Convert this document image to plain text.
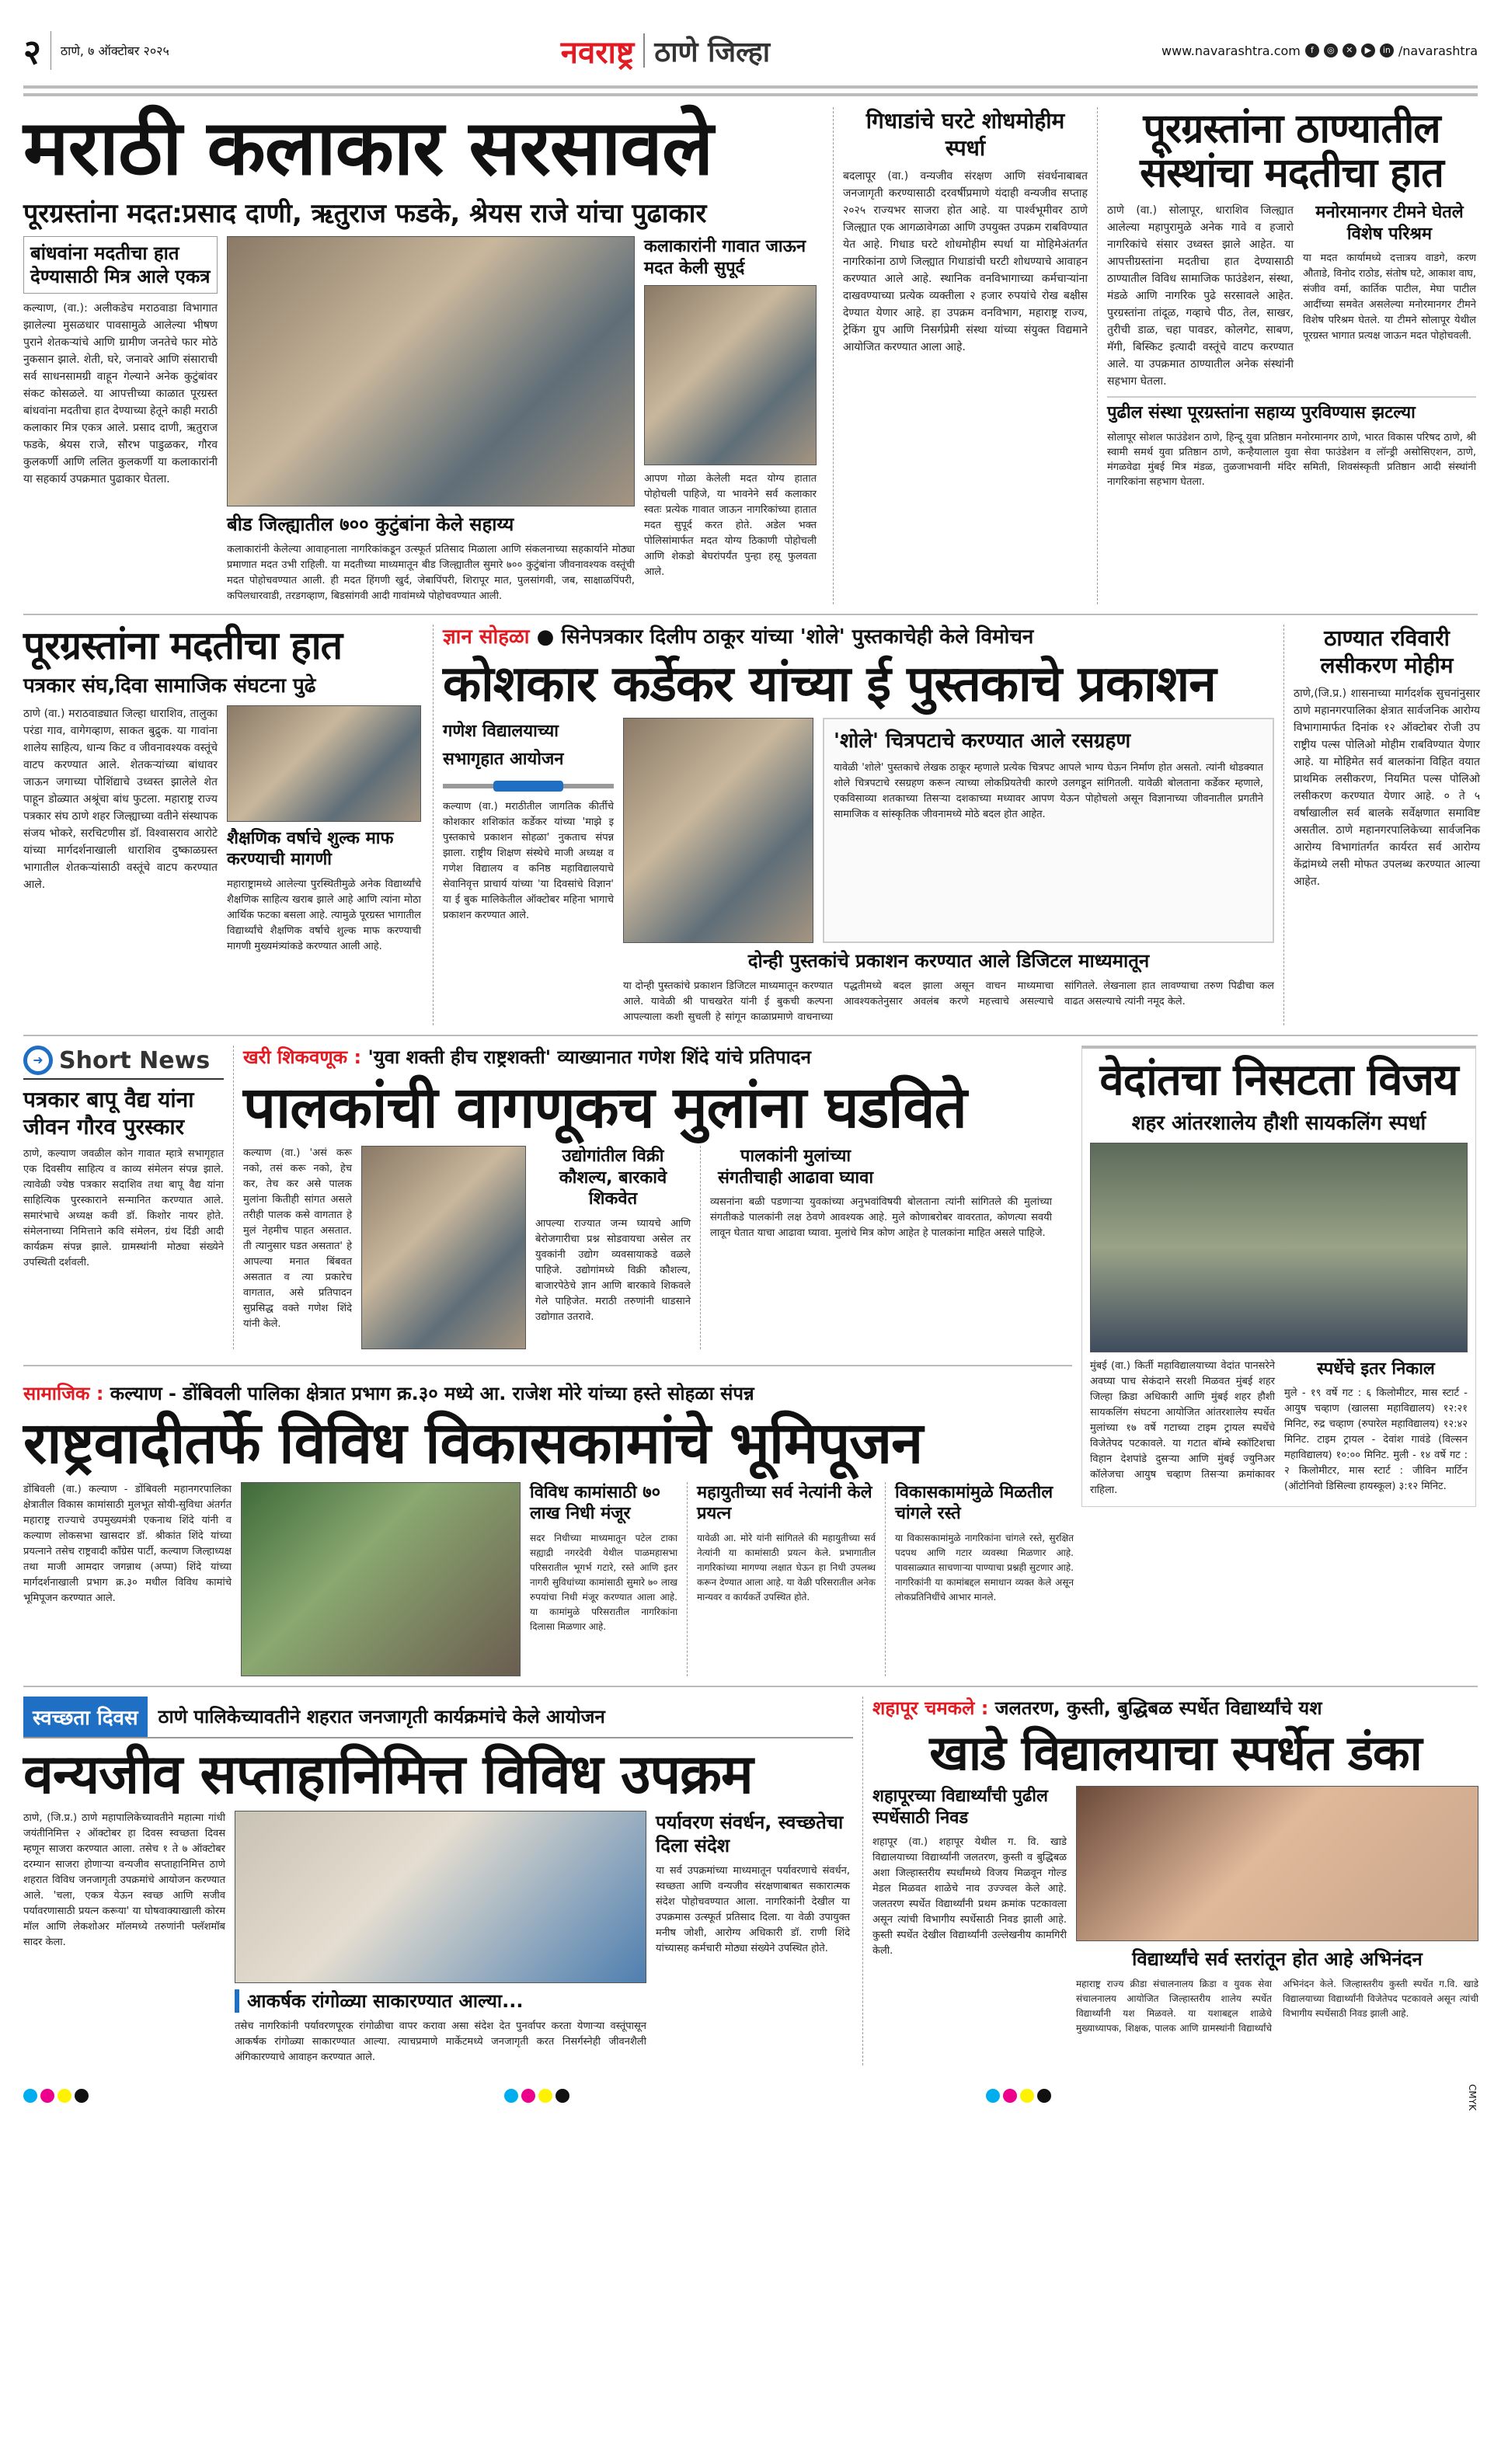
२ ठाणे, ७ ऑक्टोबर २०२५	नवराष्ट्र ठाणे जिल्हा	www.navarashtra.com	f	◎	✕	▶	in /navarashtra
मराठी कलाकार सरसावले
पूरग्रस्तांना मदत:प्रसाद दाणी, ऋतुराज फडके, श्रेयस राजे यांचा पुढाकार
बांधवांना मदतीचा हात देण्यासाठी मित्र आले एकत्र
कल्याण, (वा.): अलीकडेच मराठवाडा विभागात झालेल्या मुसळधार पावसामुळे आलेल्या भीषण पुराने शेतकऱ्यांचे आणि ग्रामीण जनतेचे फार मोठे नुकसान झाले. शेती, घरे, जनावरे आणि संसाराची सर्व साधनसामग्री वाहून गेल्याने अनेक कुटुंबांवर संकट कोसळले. या आपत्तीच्या काळात पूरग्रस्त बांधवांना मदतीचा हात देण्याच्या हेतूने काही मराठी कलाकार मित्र एकत्र आले. प्रसाद दाणी, ऋतुराज फडके, श्रेयस राजे, सौरभ पाडुळकर, गौरव कुलकर्णी आणि ललित कुलकर्णी या कलाकारांनी या सहकार्य उपक्रमात पुढाकार घेतला.
बीड जिल्ह्यातील ७०० कुटुंबांना केले सहाय्य
कलाकारांनी केलेल्या आवाहनाला नागरिकांकडून उत्स्फूर्त प्रतिसाद मिळाला आणि संकलनाच्या सहकार्याने मोठ्या प्रमाणात मदत उभी राहिली. या मदतीच्या माध्यमातून बीड जिल्ह्यातील सुमारे ७०० कुटुंबांना जीवनावश्यक वस्तूंची मदत पोहोचवण्यात आली. ही मदत हिंगणी खुर्द, जेबापिंपरी, शिरापूर मात, पुलसांगवी, जब, साक्षाळपिंपरी, कपिलधारवाडी, तरडगव्हाण, बिडसांगवी आदी गावांमध्ये पोहोचवण्यात आली.
कलाकारांनी गावात जाऊन मदत केली सुपूर्द
आपण गोळा केलेली मदत योग्य हातात पोहोचली पाहिजे, या भावनेने सर्व कलाकार स्वतः प्रत्येक गावात जाऊन नागरिकांच्या हातात मदत सुपूर्द करत होते. अडेल भक्त पोलिसांमार्फत मदत योग्य ठिकाणी पोहोचली आणि शेकडो बेघरांपर्यंत पुन्हा हसू फुलवता आले.
गिधाडांचे घरटे शोधमोहीम स्पर्धा
बदलापूर (वा.) वन्यजीव संरक्षण आणि संवर्धनाबाबत जनजागृती करण्यासाठी दरवर्षीप्रमाणे यंदाही वन्यजीव सप्ताह २०२५ राज्यभर साजरा होत आहे. या पार्श्वभूमीवर ठाणे जिल्ह्यात एक आगळावेगळा आणि उपयुक्त उपक्रम राबविण्यात येत आहे. गिधाड घरटे शोधमोहीम स्पर्धा या मोहिमेअंतर्गत नागरिकांना ठाणे जिल्ह्यात गिधाडांची घरटी शोधण्याचे आवाहन करण्यात आले आहे. स्थानिक वनविभागाच्या कर्मचाऱ्यांना दाखवण्याच्या प्रत्येक व्यक्तीला २ हजार रुपयांचे रोख बक्षीस देण्यात येणार आहे. हा उपक्रम वनविभाग, महाराष्ट्र राज्य, ट्रेकिंग ग्रुप आणि निसर्गप्रेमी संस्था यांच्या संयुक्त विद्यमाने आयोजित करण्यात आला आहे.
पूरग्रस्तांना ठाण्यातील संस्थांचा मदतीचा हात
ठाणे (वा.) सोलापूर, धाराशिव जिल्ह्यात आलेल्या महापुरामुळे अनेक गावे व हजारो नागरिकांचे संसार उध्वस्त झाले आहेत. या आपत्तीग्रस्तांना मदतीचा हात देण्यासाठी ठाण्यातील विविध सामाजिक फाउंडेशन, संस्था, मंडळे आणि नागरिक पुढे सरसावले आहेत. पुरग्रस्तांना तांदूळ, गव्हाचे पीठ, तेल, साखर, तुरीची डाळ, चहा पावडर, कोलगेट, साबण, मॅगी, बिस्किट इत्यादी वस्तूंचे वाटप करण्यात आले. या उपक्रमात ठाण्यातील अनेक संस्थांनी सहभाग घेतला.
मनोरमानगर टीमने घेतले विशेष परिश्रम
या मदत कार्यामध्ये दत्तात्रय वाडगे, करण औताडे, विनोद राठोड, संतोष घटे, आकाश वाघ, संजीव वर्मा, कार्तिक पाटील, मेघा पाटील आदींच्या समवेत असलेल्या मनोरमानगर टीमने विशेष परिश्रम घेतले. या टीमने सोलापूर येथील पूरग्रस्त भागात प्रत्यक्ष जाऊन मदत पोहोचवली.
पुढील संस्था पूरग्रस्तांना सहाय्य पुरविण्यास झटल्या
सोलापूर सोशल फाउंडेशन ठाणे, हिन्दू युवा प्रतिष्ठान मनोरमानगर ठाणे, भारत विकास परिषद ठाणे, श्री स्वामी समर्थ युवा प्रतिष्ठान ठाणे, कन्हैयालाल युवा सेवा फाउंडेशन व लॉन्ड्री असोसिएशन, ठाणे, मंगळवेढा मुंबई मित्र मंडळ, तुळजाभवानी मंदिर समिती, शिवसंस्कृती प्रतिष्ठान आदी संस्थांनी नागरिकांना सहभाग घेतला.
पूरग्रस्तांना मदतीचा हात
पत्रकार संघ,दिवा सामाजिक संघटना पुढे
ठाणे (वा.) मराठवाड्यात जिल्हा धाराशिव, तालुका परंडा गाव, वागेगव्हाण, साकत बुद्रुक. या गावांना शालेय साहित्य, धान्य किट व जीवनावश्यक वस्तूंचे वाटप करण्यात आले. शेतकऱ्यांच्या बांधावर जाऊन जगाच्या पोशिंद्याचे उध्वस्त झालेले शेत पाहून डोळ्यात अश्रूंचा बांध फुटला. महाराष्ट्र राज्य पत्रकार संघ ठाणे शहर जिल्ह्याच्या वतीने संस्थापक संजय भोकरे, सरचिटणीस डॉ. विश्वासराव आरोटे यांच्या मार्गदर्शनाखाली धाराशिव दुष्काळग्रस्त भागातील शेतकऱ्यांसाठी वस्तूंचे वाटप करण्यात आले.
शैक्षणिक वर्षाचे शुल्क माफ करण्याची मागणी
महाराष्ट्रामध्ये आलेल्या पुरस्थितीमुळे अनेक विद्यार्थ्यांचे शैक्षणिक साहित्य खराब झाले आहे आणि त्यांना मोठा आर्थिक फटका बसला आहे. त्यामुळे पूरग्रस्त भागातील विद्यार्थ्यांचे शैक्षणिक वर्षाचे शुल्क माफ करण्याची मागणी मुख्यमंत्र्यांकडे करण्यात आली आहे.
ज्ञान सोहळा ● सिनेपत्रकार दिलीप ठाकूर यांच्या 'शोले' पुस्तकाचेही केले विमोचन
कोशकार कर्डेकर यांच्या ई पुस्तकाचे प्रकाशन
गणेश विद्यालयाच्या सभागृहात आयोजन
कल्याण (वा.) मराठीतील जागतिक कीर्तीचे कोशकार शशिकांत कर्डेकर यांच्या 'माझे इ पुस्तकाचे प्रकाशन सोहळा' नुकताच संपन्न झाला. राष्ट्रीय शिक्षण संस्थेचे माजी अध्यक्ष व गणेश विद्यालय व कनिष्ठ महाविद्यालयाचे सेवानिवृत्त प्राचार्य यांच्या 'या दिवसांचे विज्ञान' या ई बुक मालिकेतील ऑक्टोबर महिना भागाचे प्रकाशन करण्यात आले.
'शोले' चित्रपटाचे करण्यात आले रसग्रहण
यावेळी 'शोले' पुस्तकाचे लेखक ठाकूर म्हणाले प्रत्येक चित्रपट आपले भाग्य घेऊन निर्माण होत असतो. त्यांनी थोडक्यात शोले चित्रपटाचे रसग्रहण करून त्याच्या लोकप्रियतेची कारणे उलगडून सांगितली. यावेळी बोलताना कर्डेकर म्हणाले, एकविसाव्या शतकाच्या तिसऱ्या दशकाच्या मध्यावर आपण येऊन पोहोचलो असून विज्ञानाच्या जीवनातील प्रगतीने सामाजिक व सांस्कृतिक जीवनामध्ये मोठे बदल होत आहेत.
दोन्ही पुस्तकांचे प्रकाशन करण्यात आले डिजिटल माध्यमातून
या दोन्ही पुस्तकांचे प्रकाशन डिजिटल माध्यमातून करण्यात आले. यावेळी श्री पाचखरेत यांनी ई बुकची कल्पना आपल्याला कशी सुचली हे सांगून काळाप्रमाणे वाचनाच्या पद्धतीमध्ये बदल झाला असून वाचन माध्यमाचा आवश्यकतेनुसार अवलंब करणे महत्त्वाचे असल्याचे सांगितले. लेखनाला हात लावण्याचा तरुण पिढीचा कल वाढत असल्याचे त्यांनी नमूद केले.
ठाण्यात रविवारी लसीकरण मोहीम
ठाणे,(जि.प्र.) शासनाच्या मार्गदर्शक सुचनांनुसार ठाणे महानगरपालिका क्षेत्रात सार्वजनिक आरोग्य विभागामार्फत दिनांक १२ ऑक्टोबर रोजी उप राष्ट्रीय पल्स पोलिओ मोहीम राबविण्यात येणार आहे. या मोहिमेत सर्व बालकांना विहित वयात प्राथमिक लसीकरण, नियमित पल्स पोलिओ लसीकरण करण्यात येणार आहे. ० ते ५ वर्षांखालील सर्व बालके सर्वेक्षणात समाविष्ट असतील. ठाणे महानगरपालिकेच्या सार्वजनिक आरोग्य विभागांतर्गत कार्यरत सर्व आरोग्य केंद्रांमध्ये लसी मोफत उपलब्ध करण्यात आल्या आहेत.
➜ Short News
पत्रकार बापू वैद्य यांना जीवन गौरव पुरस्कार
ठाणे, कल्याण जवळील कोन गावात म्हात्रे सभागृहात एक दिवसीय साहित्य व काव्य संमेलन संपन्न झाले. त्यावेळी ज्येष्ठ पत्रकार सदाशिव तथा बापू वैद्य यांना साहित्यिक पुरस्काराने सन्मानित करण्यात आले. समारंभाचे अध्यक्ष कवी डॉ. किशोर नायर होते. संमेलनाच्या निमित्ताने कवि संमेलन, ग्रंथ दिंडी आदी कार्यक्रम संपन्न झाले. ग्रामस्थांनी मोठ्या संख्येने उपस्थिती दर्शवली.
खरी शिकवणूक : 'युवा शक्ती हीच राष्ट्रशक्ती' व्याख्यानात गणेश शिंदे यांचे प्रतिपादन
पालकांची वागणूकच मुलांना घडविते
कल्याण (वा.) 'असं करू नको, तसं करू नको, हेच कर, तेच कर असे पालक मुलांना कितीही सांगत असले तरीही पालक कसे वागतात हे मुलं नेहमीच पाहत असतात. ती त्यानुसार घडत असतात' हे आपल्या मनात बिंबवत असतात व त्या प्रकारेच वागतात, असे प्रतिपादन सुप्रसिद्ध वक्ते गणेश शिंदे यांनी केले.
उद्योगांतील विक्री कौशल्य, बारकावे शिकवेत
आपल्या राज्यात जन्म घ्यायचे आणि बेरोजगारीचा प्रश्न सोडवायचा असेल तर युवकांनी उद्योग व्यवसायाकडे वळले पाहिजे. उद्योगांमध्ये विक्री कौशल्य, बाजारपेठेचे ज्ञान आणि बारकावे शिकवले गेले पाहिजेत. मराठी तरुणांनी धाडसाने उद्योगात उतरावे.
पालकांनी मुलांच्या संगतीचाही आढावा घ्यावा
व्यसनांना बळी पडणाऱ्या युवकांच्या अनुभवांविषयी बोलताना त्यांनी सांगितले की मुलांच्या संगतीकडे पालकांनी लक्ष ठेवणे आवश्यक आहे. मुले कोणाबरोबर वावरतात, कोणत्या सवयी लावून घेतात याचा आढावा घ्यावा. मुलांचे मित्र कोण आहेत हे पालकांना माहित असले पाहिजे.
सामाजिक : कल्याण - डोंबिवली पालिका क्षेत्रात प्रभाग क्र.३० मध्ये आ. राजेश मोरे यांच्या हस्ते सोहळा संपन्न
राष्ट्रवादीतर्फे विविध विकासकामांचे भूमिपूजन
डोंबिवली (वा.) कल्याण - डोंबिवली महानगरपालिका क्षेत्रातील विकास कामांसाठी मुलभूत सोयी-सुविधा अंतर्गत महाराष्ट्र राज्याचे उपमुख्यमंत्री एकनाथ शिंदे यांनी व कल्याण लोकसभा खासदार डॉ. श्रीकांत शिंदे यांच्या प्रयत्नाने तसेच राष्ट्रवादी काँग्रेस पार्टी, कल्याण जिल्हाध्यक्ष तथा माजी आमदार जगन्नाथ (अप्पा) शिंदे यांच्या मार्गदर्शनाखाली प्रभाग क्र.३० मधील विविध कामांचे भूमिपूजन करण्यात आले.
विविध कामांसाठी ७० लाख निधी मंजूर
सदर निधीच्या माध्यमातून पटेल टाका सह्याद्री नगरदेवी येथील पाळमहासभा परिसरातील भूगर्भ गटारे, रस्ते आणि इतर नागरी सुविधांच्या कामांसाठी सुमारे ७० लाख रुपयांचा निधी मंजूर करण्यात आला आहे. या कामांमुळे परिसरातील नागरिकांना दिलासा मिळणार आहे.
महायुतीच्या सर्व नेत्यांनी केले प्रयत्न
यावेळी आ. मोरे यांनी सांगितले की महायुतीच्या सर्व नेत्यांनी या कामांसाठी प्रयत्न केले. प्रभागातील नागरिकांच्या मागण्या लक्षात घेऊन हा निधी उपलब्ध करून देण्यात आला आहे. या वेळी परिसरातील अनेक मान्यवर व कार्यकर्ते उपस्थित होते.
विकासकामांमुळे मिळतील चांगले रस्ते
या विकासकामांमुळे नागरिकांना चांगले रस्ते, सुरक्षित पदपथ आणि गटार व्यवस्था मिळणार आहे. पावसाळ्यात साचणाऱ्या पाण्याचा प्रश्नही सुटणार आहे. नागरिकांनी या कामांबद्दल समाधान व्यक्त केले असून लोकप्रतिनिधींचे आभार मानले.
वेदांतचा निसटता विजय
शहर आंतरशालेय हौशी सायकलिंग स्पर्धा
मुंबई (वा.) किर्ती महाविद्यालयाच्या वेदांत पानसरेने अवघ्या पाच सेकंदाने सरशी मिळवत मुंबई शहर जिल्हा क्रिडा अधिकारी आणि मुंबई शहर हौशी सायकलिंग संघटना आयोजित आंतरशालेय स्पर्धेत मुलांच्या १७ वर्षे गटाच्या टाइम ट्रायल स्पर्धेचे विजेतेपद पटकावले. या गटात बॉम्बे स्कॉटिशचा विहान देशपांडे दुसऱ्या आणि मुंबई ज्युनिअर कॉलेजचा आयुष चव्हाण तिसऱ्या क्रमांकावर राहिला.
स्पर्धेचे इतर निकाल
मुले - १९ वर्षे गट : ६ किलोमीटर, मास स्टार्ट - आयुष चव्हाण (खालसा महाविद्यालय) १२:२१ मिनिट, रुद्र चव्हाण (रुपारेल महाविद्यालय) १२:४२ मिनिट. टाइम ट्रायल - देवांश गावंडे (विल्सन महाविद्यालय) १०:०० मिनिट. मुली - १४ वर्षे गट : २ किलोमीटर, मास स्टार्ट : जीविन मार्टिन (ऑटोनिवो डिसिल्वा हायस्कूल) ३:१२ मिनिट.
स्वच्छता दिवस	ठाणे पालिकेच्यावतीने शहरात जनजागृती कार्यक्रमांचे केले आयोजन
वन्यजीव सप्ताहानिमित्त विविध उपक्रम
ठाणे, (जि.प्र.) ठाणे महापालिकेच्यावतीने महात्मा गांधी जयंतीनिमित्त २ ऑक्टोबर हा दिवस स्वच्छता दिवस म्हणून साजरा करण्यात आला. तसेच १ ते ७ ऑक्टोबर दरम्यान साजरा होणाऱ्या वन्यजीव सप्ताहानिमित्त ठाणे शहरात विविध जनजागृती उपक्रमांचे आयोजन करण्यात आले. 'चला, एकत्र येऊन स्वच्छ आणि सजीव पर्यावरणासाठी प्रयत्न करूया' या घोषवाक्याखाली कोरम मॉल आणि लेकशोअर मॉलमध्ये तरुणांनी फ्लॅशमॉब सादर केला.
आकर्षक रांगोळ्या साकारण्यात आल्या...
तसेच नागरिकांनी पर्यावरणपूरक रांगोळीचा वापर करावा असा संदेश देत पुनर्वापर करता येणाऱ्या वस्तूंपासून आकर्षक रांगोळ्या साकारण्यात आल्या. त्याचप्रमाणे मार्केटमध्ये जनजागृती करत निसर्गस्नेही जीवनशैली अंगिकारण्याचे आवाहन करण्यात आले.
पर्यावरण संवर्धन, स्वच्छतेचा दिला संदेश
या सर्व उपक्रमांच्या माध्यमातून पर्यावरणाचे संवर्धन, स्वच्छता आणि वन्यजीव संरक्षणाबाबत सकारात्मक संदेश पोहोचवण्यात आला. नागरिकांनी देखील या उपक्रमास उत्स्फूर्त प्रतिसाद दिला. या वेळी उपायुक्त मनीष जोशी, आरोग्य अधिकारी डॉ. राणी शिंदे यांच्यासह कर्मचारी मोठ्या संख्येने उपस्थित होते.
शहापूर चमकले : जलतरण, कुस्ती, बुद्धिबळ स्पर्धेत विद्यार्थ्यांचे यश
खाडे विद्यालयाचा स्पर्धेत डंका
शहापूरच्या विद्यार्थ्यांची पुढील स्पर्धेसाठी निवड
शहापूर (वा.) शहापूर येथील ग. वि. खाडे विद्यालयाच्या विद्यार्थ्यांनी जलतरण, कुस्ती व बुद्धिबळ अशा जिल्हास्तरीय स्पर्धांमध्ये विजय मिळवून गोल्ड मेडल मिळवत शाळेचे नाव उज्ज्वल केले आहे. जलतरण स्पर्धेत विद्यार्थ्यांनी प्रथम क्रमांक पटकावला असून त्यांची विभागीय स्पर्धेसाठी निवड झाली आहे. कुस्ती स्पर्धेत देखील विद्यार्थ्यांनी उल्लेखनीय कामगिरी केली.	विद्यार्थ्यांचे सर्व स्तरांतून होत आहे अभिनंदन
महाराष्ट्र राज्य क्रीडा संचालनालय क्रिडा व युवक सेवा संचालनालय आयोजित जिल्हास्तरीय शालेय स्पर्धेत विद्यार्थ्यांनी यश मिळवले. या यशाबद्दल शाळेचे मुख्याध्यापक, शिक्षक, पालक आणि ग्रामस्थांनी विद्यार्थ्यांचे अभिनंदन केले. जिल्हास्तरीय कुस्ती स्पर्धेत ग.वि. खाडे विद्यालयाच्या विद्यार्थ्यांनी विजेतेपद पटकावले असून त्यांची विभागीय स्पर्धेसाठी निवड झाली आहे.
CMYK
